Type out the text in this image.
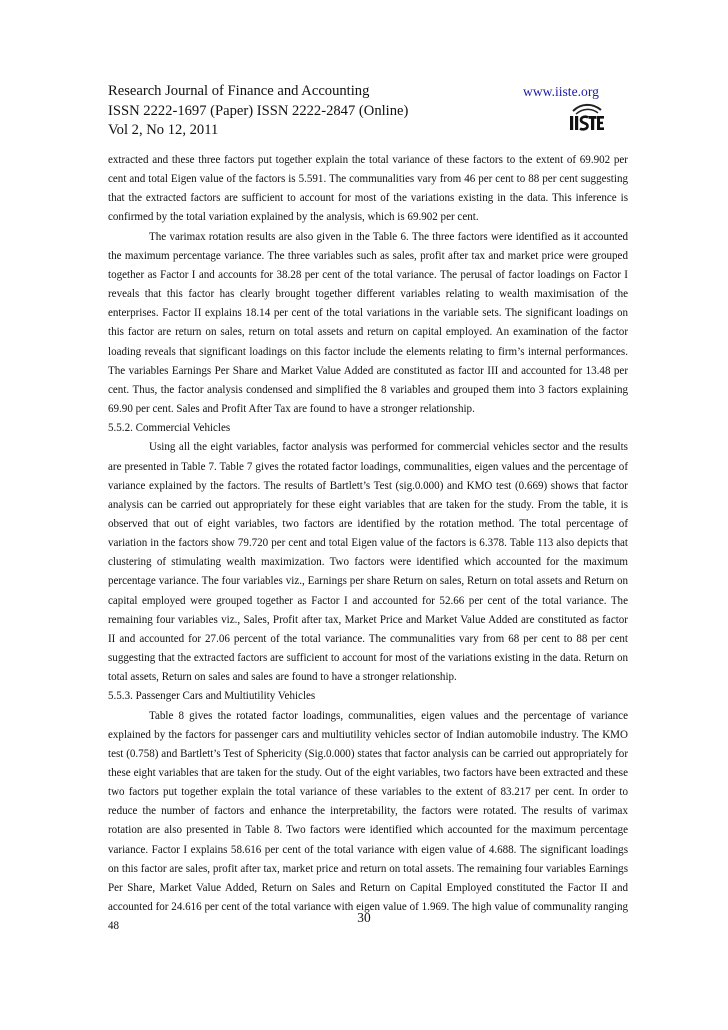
Research Journal of Finance and Accounting
ISSN 2222-1697 (Paper) ISSN 2222-2847 (Online)
Vol 2, No 12, 2011
www.iiste.org

extracted and these three factors put together explain the total variance of these factors to the extent of 69.902 per cent and total Eigen value of the factors is 5.591. The communalities vary from 46 per cent to 88 per cent suggesting that the extracted factors are sufficient to account for most of the variations existing in the data. This inference is confirmed by the total variation explained by the analysis, which is 69.902 per cent.

The varimax rotation results are also given in the Table 6. The three factors were identified as it accounted the maximum percentage variance. The three variables such as sales, profit after tax and market price were grouped together as Factor I and accounts for 38.28 per cent of the total variance. The perusal of factor loadings on Factor I reveals that this factor has clearly brought together different variables relating to wealth maximisation of the enterprises. Factor II explains 18.14 per cent of the total variations in the variable sets. The significant loadings on this factor are return on sales, return on total assets and return on capital employed. An examination of the factor loading reveals that significant loadings on this factor include the elements relating to firm’s internal performances. The variables Earnings Per Share and Market Value Added are constituted as factor III and accounted for 13.48 per cent. Thus, the factor analysis condensed and simplified the 8 variables and grouped them into 3 factors explaining 69.90 per cent. Sales and Profit After Tax are found to have a stronger relationship.

5.5.2. Commercial Vehicles

Using all the eight variables, factor analysis was performed for commercial vehicles sector and the results are presented in Table 7. Table 7 gives the rotated factor loadings, communalities, eigen values and the percentage of variance explained by the factors. The results of Bartlett’s Test (sig.0.000) and KMO test (0.669) shows that factor analysis can be carried out appropriately for these eight variables that are taken for the study. From the table, it is observed that out of eight variables, two factors are identified by the rotation method. The total percentage of variation in the factors show 79.720 per cent and total Eigen value of the factors is 6.378. Table 113 also depicts that clustering of stimulating wealth maximization. Two factors were identified which accounted for the maximum percentage variance. The four variables viz., Earnings per share Return on sales, Return on total assets and Return on capital employed were grouped together as Factor I and accounted for 52.66 per cent of the total variance. The remaining four variables viz., Sales, Profit after tax, Market Price and Market Value Added are constituted as factor II and accounted for 27.06 percent of the total variance. The communalities vary from 68 per cent to 88 per cent suggesting that the extracted factors are sufficient to account for most of the variations existing in the data. Return on total assets, Return on sales and sales are found to have a stronger relationship.

5.5.3. Passenger Cars and Multiutility Vehicles

Table 8 gives the rotated factor loadings, communalities, eigen values and the percentage of variance explained by the factors for passenger cars and multiutility vehicles sector of Indian automobile industry. The KMO test (0.758) and Bartlett’s Test of Sphericity (Sig.0.000) states that factor analysis can be carried out appropriately for these eight variables that are taken for the study. Out of the eight variables, two factors have been extracted and these two factors put together explain the total variance of these variables to the extent of 83.217 per cent. In order to reduce the number of factors and enhance the interpretability, the factors were rotated. The results of varimax rotation are also presented in Table 8. Two factors were identified which accounted for the maximum percentage variance. Factor I explains 58.616 per cent of the total variance with eigen value of 4.688. The significant loadings on this factor are sales, profit after tax, market price and return on total assets. The remaining four variables Earnings Per Share, Market Value Added, Return on Sales and Return on Capital Employed constituted the Factor II and accounted for 24.616 per cent of the total variance with eigen value of 1.969. The high value of communality ranging 48

30
